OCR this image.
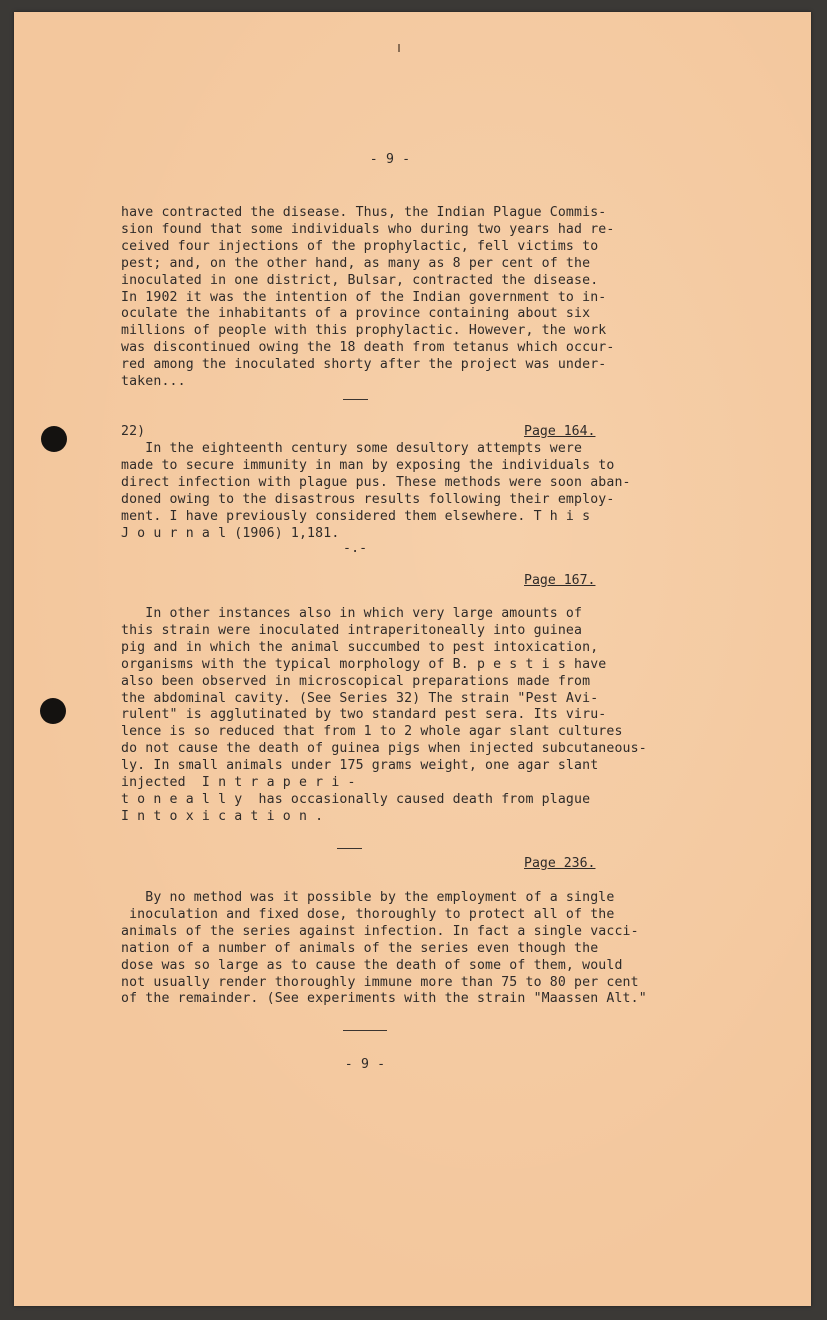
- 9 -
have contracted the disease. Thus, the Indian Plague Commis-
sion found that some individuals who during two years had re-
ceived four injections of the prophylactic, fell victims to
pest; and, on the other hand, as many as 8 per cent of the
inoculated in one district, Bulsar, contracted the disease.
In 1902 it was the intention of the Indian government to in-
oculate the inhabitants of a province containing about six
millions of people with this prophylactic. However, the work
was discontinued owing the 18 death from tetanus which occur-
red among the inoculated shorty after the project was under-
taken...
22)	Page 164.
In the eighteenth century some desultory attempts were
made to secure immunity in man by exposing the individuals to
direct infection with plague pus. These methods were soon aban-
doned owing to the disastrous results following their employ-
ment. I have previously considered them elsewhere. T h i s
J o u r n a l (1906) 1,181.
-.-
Page 167.
In other instances also in which very large amounts of
this strain were inoculated intraperitoneally into guinea
pig and in which the animal succumbed to pest intoxication,
organisms with the typical morphology of B. p e s t i s have
also been observed in microscopical preparations made from
the abdominal cavity. (See Series 32) The strain "Pest Avi-
rulent" is agglutinated by two standard pest sera. Its viru-
lence is so reduced that from 1 to 2 whole agar slant cultures
do not cause the death of guinea pigs when injected subcutaneous-
ly. In small animals under 175 grams weight, one agar slant
injected  I n t r a p e r i -
t o n e a l l y  has occasionally caused death from plague
I n t o x i c a t i o n .
Page 236.
By no method was it possible by the employment of a single
inoculation and fixed dose, thoroughly to protect all of the
animals of the series against infection. In fact a single vacci-
nation of a number of animals of the series even though the
dose was so large as to cause the death of some of them, would
not usually render thoroughly immune more than 75 to 80 per cent
of the remainder. (See experiments with the strain "Maassen Alt."
- 9 -
